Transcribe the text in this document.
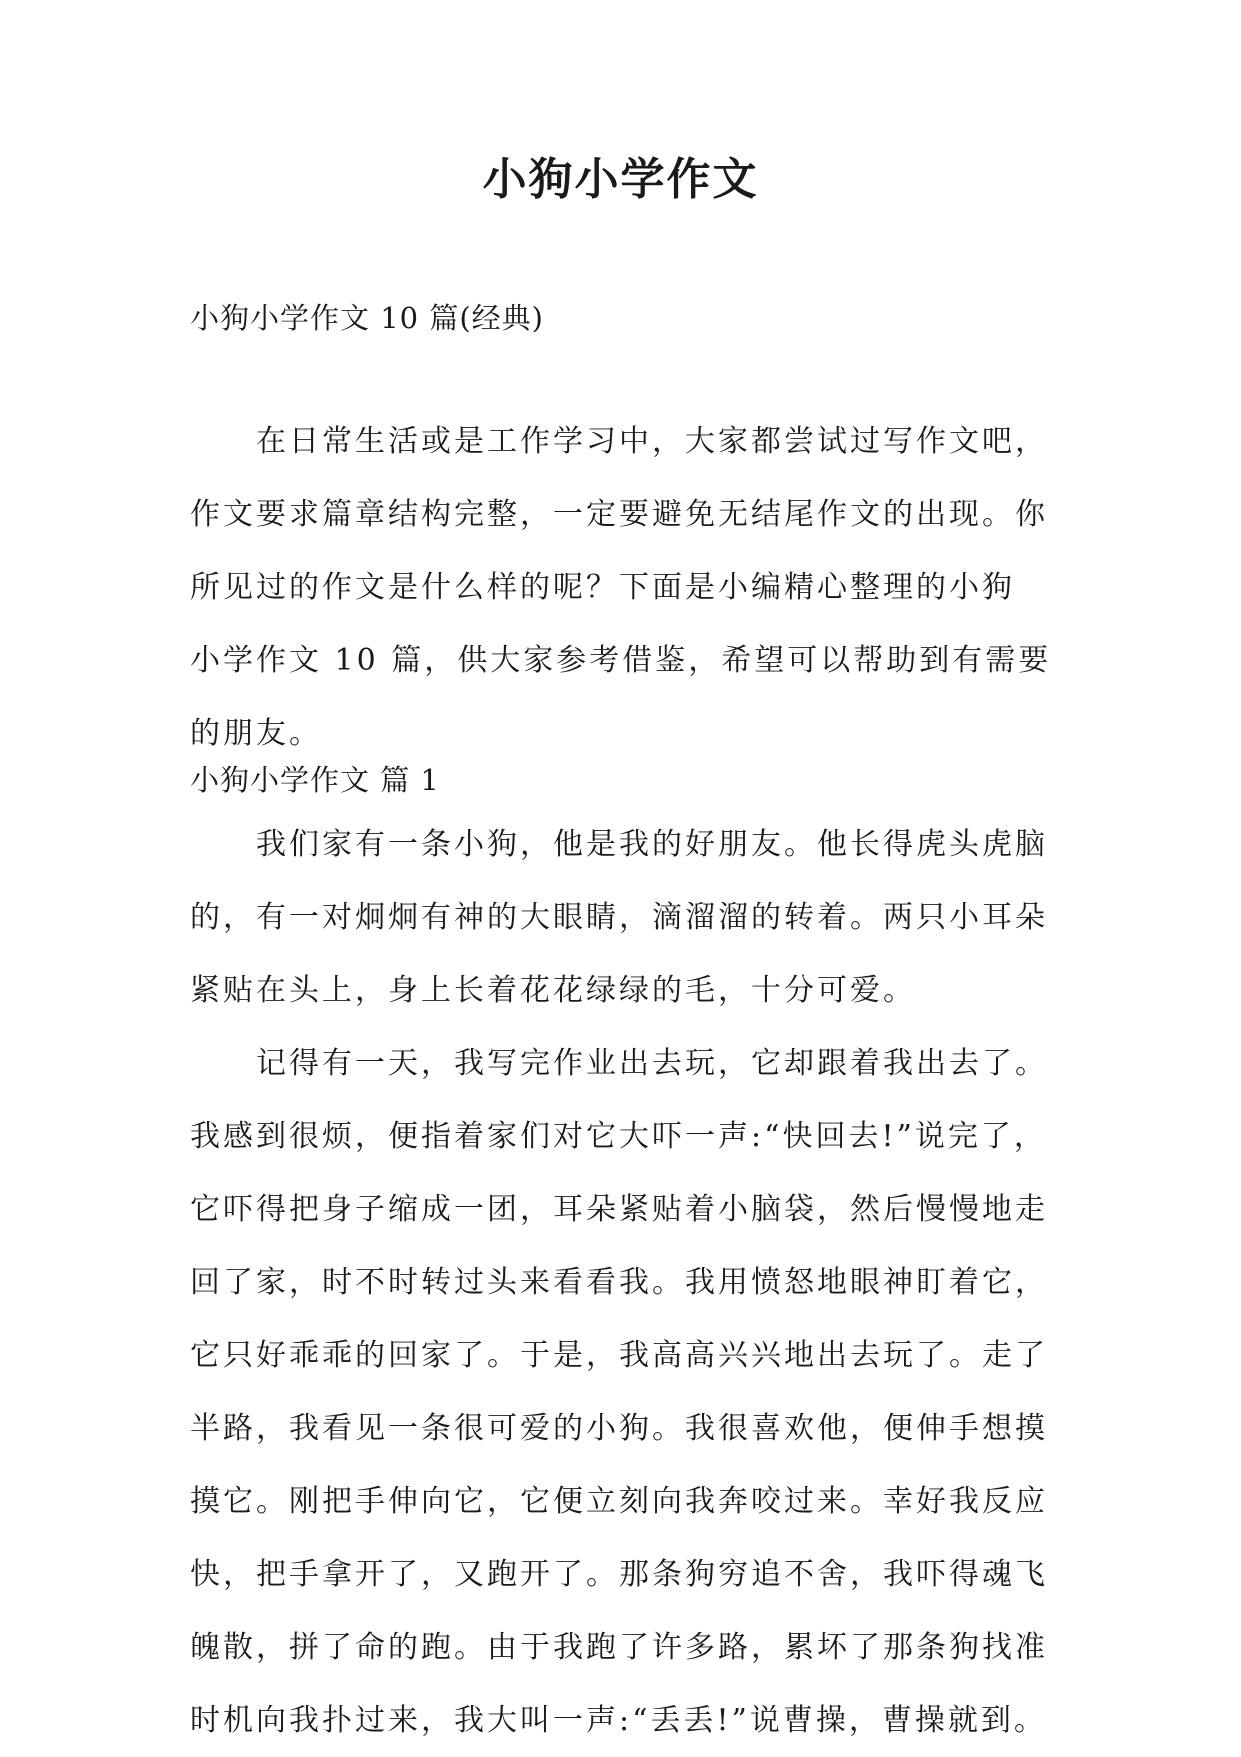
小狗小学作文
小狗小学作文 10 篇(经典)
　　在日常生活或是工作学习中，大家都尝试过写作文吧，
作文要求篇章结构完整，一定要避免无结尾作文的出现。你
所见过的作文是什么样的呢？下面是小编精心整理的小狗
小学作文 10 篇，供大家参考借鉴，希望可以帮助到有需要
的朋友。
小狗小学作文 篇 1
　　我们家有一条小狗，他是我的好朋友。他长得虎头虎脑
的，有一对炯炯有神的大眼睛，滴溜溜的转着。两只小耳朵
紧贴在头上，身上长着花花绿绿的毛，十分可爱。
　　记得有一天，我写完作业出去玩，它却跟着我出去了。
我感到很烦，便指着家们对它大吓一声:“快回去!”说完了，
它吓得把身子缩成一团，耳朵紧贴着小脑袋，然后慢慢地走
回了家，时不时转过头来看看我。我用愤怒地眼神盯着它，
它只好乖乖的回家了。于是，我高高兴兴地出去玩了。走了
半路，我看见一条很可爱的小狗。我很喜欢他，便伸手想摸
摸它。刚把手伸向它，它便立刻向我奔咬过来。幸好我反应
快，把手拿开了，又跑开了。那条狗穷追不舍，我吓得魂飞
魄散，拼了命的跑。由于我跑了许多路，累坏了那条狗找准
时机向我扑过来，我大叫一声:“丢丢!”说曹操，曹操就到。
